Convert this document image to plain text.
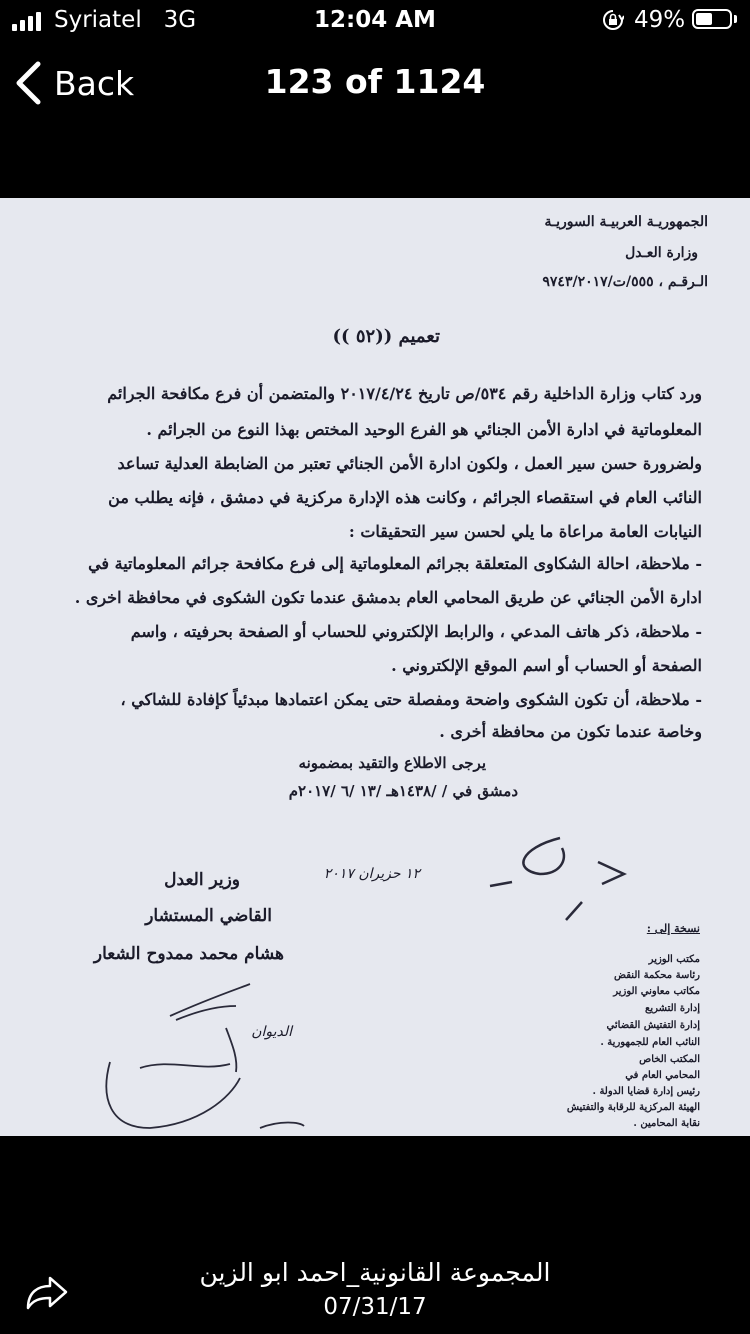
Syriatel 3G	12:04 AM	49%
Back	123 of 1124
الجمهوريـة العربيـة السوريـة
وزارة العـدل
الـرقـم ، ٥٥٥/ت/٩٧٤٣/٢٠١٧
تعميم ((٥٢ ))
ورد كتاب وزارة الداخلية رقم ٥٣٤/ص تاريخ ٢٠١٧/٤/٢٤ والمتضمن أن فرع مكافحة الجرائم
المعلوماتية في ادارة الأمن الجنائي هو الفرع الوحيد المختص بهذا النوع من الجرائم .
ولضرورة حسن سير العمل ، ولكون ادارة الأمن الجنائي تعتبر من الضابطة العدلية تساعد
النائب العام في استقصاء الجرائم ، وكانت هذه الإدارة مركزية في دمشق ، فإنه يطلب من
النيابات العامة مراعاة ما يلي لحسن سير التحقيقات :
- ملاحظة، احالة الشكاوى المتعلقة بجرائم المعلوماتية إلى فرع مكافحة جرائم المعلوماتية في
ادارة الأمن الجنائي عن طريق المحامي العام بدمشق عندما تكون الشكوى في محافظة اخرى .
- ملاحظة، ذكر هاتف المدعي ، والرابط الإلكتروني للحساب أو الصفحة بحرفيته ، واسم
الصفحة أو الحساب أو اسم الموقع الإلكتروني .
- ملاحظة، أن تكون الشكوى واضحة ومفصلة حتى يمكن اعتمادها مبدئياً كإفادة للشاكي ،
وخاصة عندما تكون من محافظة أخرى .
يرجى الاطلاع والتقيد بمضمونه
دمشق في / /١٤٣٨هـ /١٣ /٦ /٢٠١٧م
١٢ حزيران ٢٠١٧
وزير العدل
القاضي المستشار
هشام محمد ممدوح الشعار
نسخة إلى :
مكتب الوزير
رئاسة محكمة النقض
مكاتب معاوني الوزير
إدارة التشريع
إدارة التفتيش القضائي
النائب العام للجمهورية .
المكتب الخاص
المحامي العام في
رئيس إدارة قضايا الدولة .
الهيئة المركزية للرقابة والتفتيش
نقابة المحامين .
الديوان
المجموعة القانونية_احمد ابو الزين
07/31/17
